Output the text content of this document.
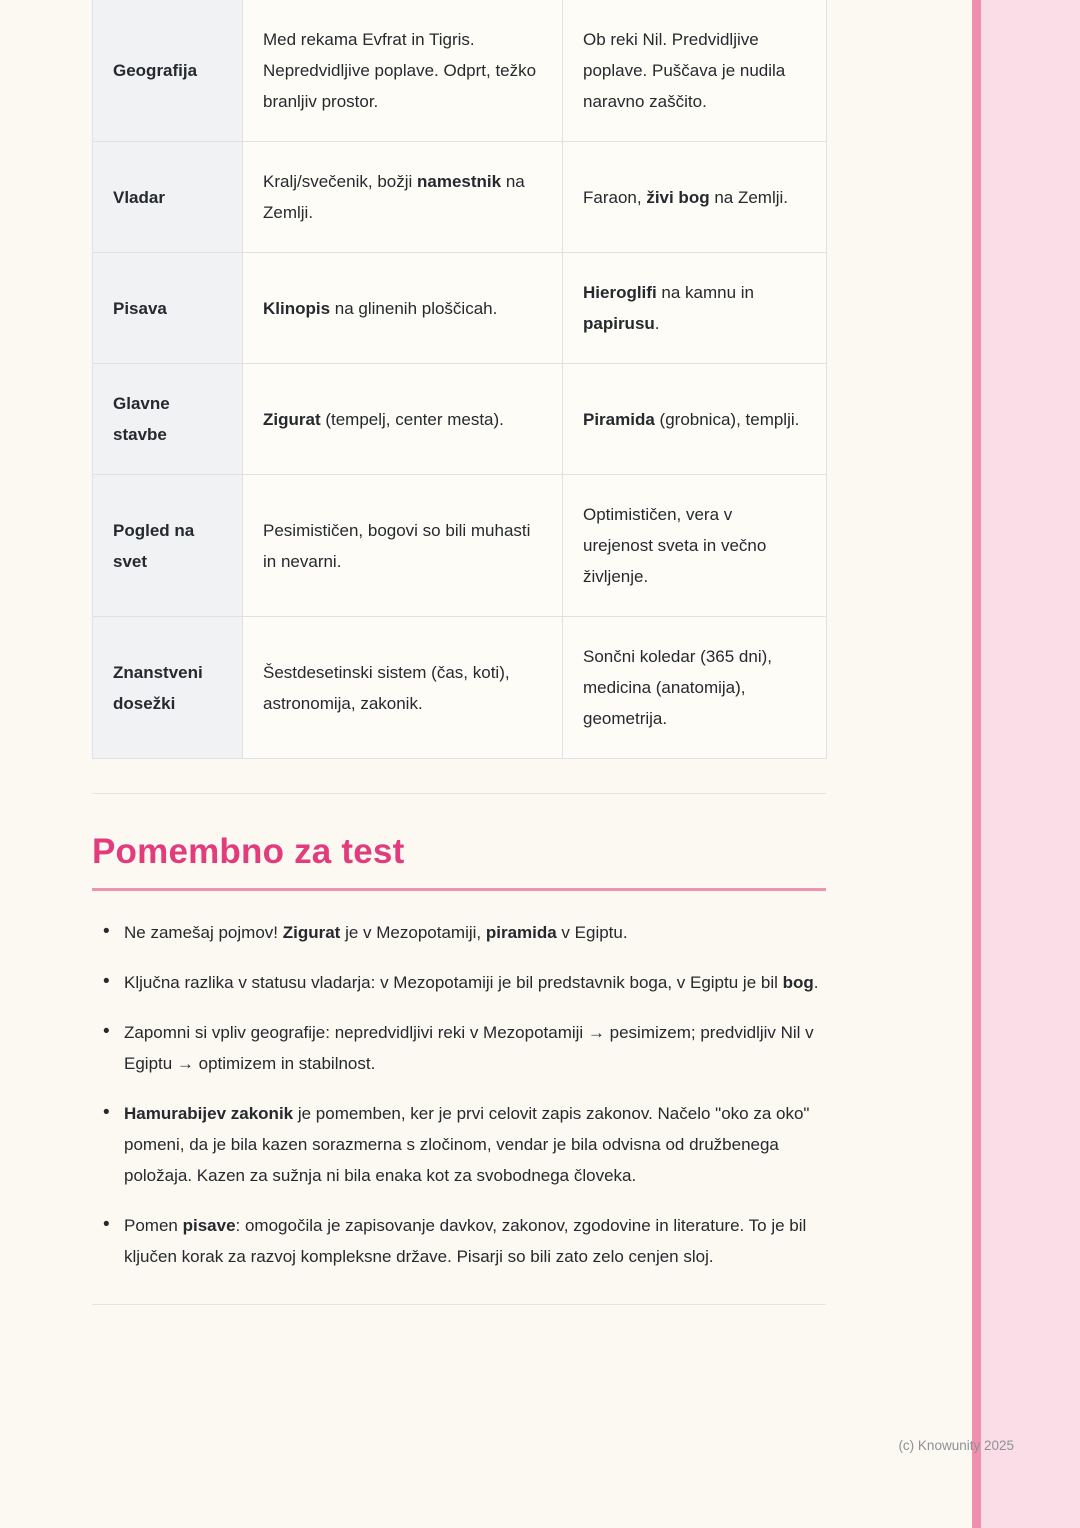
Geografija	Med rekama Evfrat in Tigris. Nepredvidljive poplave. Odprt, težko branljiv prostor.	Ob reki Nil. Predvidljive poplave. Puščava je nudila naravno zaščito.
Vladar	Kralj/svečenik, božji namestnik na Zemlji.	Faraon, živi bog na Zemlji.
Pisava	Klinopis na glinenih ploščicah.	Hieroglifi na kamnu in papirusu.
Glavne stavbe	Zigurat (tempelj, center mesta).	Piramida (grobnica), templji.
Pogled na svet	Pesimističen, bogovi so bili muhasti in nevarni.	Optimističen, vera v urejenost sveta in večno življenje.
Znanstveni dosežki	Šestdesetinski sistem (čas, koti), astronomija, zakonik.	Sončni koledar (365 dni), medicina (anatomija), geometrija.
Pomembno za test
• Ne zamešaj pojmov! Zigurat je v Mezopotamiji, piramida v Egiptu.
• Ključna razlika v statusu vladarja: v Mezopotamiji je bil predstavnik boga, v Egiptu je bil bog.
• Zapomni si vpliv geografije: nepredvidljivi reki v Mezopotamiji → pesimizem; predvidljiv Nil v Egiptu → optimizem in stabilnost.
• Hamurabijev zakonik je pomemben, ker je prvi celovit zapis zakonov. Načelo "oko za oko" pomeni, da je bila kazen sorazmerna s zločinom, vendar je bila odvisna od družbenega položaja. Kazen za sužnja ni bila enaka kot za svobodnega človeka.
• Pomen pisave: omogočila je zapisovanje davkov, zakonov, zgodovine in literature. To je bil ključen korak za razvoj kompleksne države. Pisarji so bili zato zelo cenjen sloj.
(c) Knowunity 2025
